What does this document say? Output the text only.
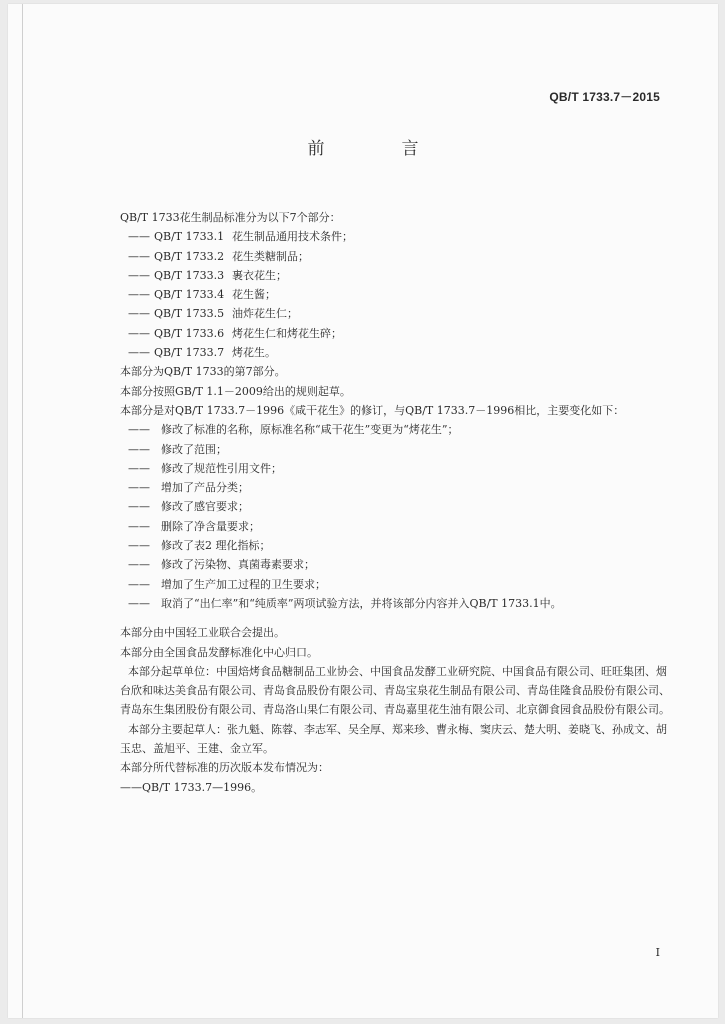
QB/T 1733.7－2015
前　言
QB/T 1733花生制品标准分为以下7个部分：
—— QB/T 1733.1 花生制品通用技术条件；
—— QB/T 1733.2 花生类糖制品；
—— QB/T 1733.3 裹衣花生；
—— QB/T 1733.4 花生酱；
—— QB/T 1733.5 油炸花生仁；
—— QB/T 1733.6 烤花生仁和烤花生碎；
—— QB/T 1733.7 烤花生。
本部分为QB/T 1733的第7部分。
本部分按照GB/T 1.1－2009给出的规则起草。
本部分是对QB/T 1733.7－1996《咸干花生》的修订，与QB/T 1733.7－1996相比，主要变化如下：
——　修改了标准的名称，原标准名称“咸干花生”变更为“烤花生”；
——　修改了范围；
——　修改了规范性引用文件；
——　增加了产品分类；
——　修改了感官要求；
——　删除了净含量要求；
——　修改了表2 理化指标；
——　修改了污染物、真菌毒素要求；
——　增加了生产加工过程的卫生要求；
——　取消了“出仁率”和“纯质率”两项试验方法，并将该部分内容并入QB/T 1733.1中。
本部分由中国轻工业联合会提出。
本部分由全国食品发酵标准化中心归口。
本部分起草单位：中国焙烤食品糖制品工业协会、中国食品发酵工业研究院、中国食品有限公司、旺旺集团、烟台欣和味达美食品有限公司、青岛食品股份有限公司、青岛宝泉花生制品有限公司、青岛佳隆食品股份有限公司、青岛东生集团股份有限公司、青岛洛山果仁有限公司、青岛嘉里花生油有限公司、北京御食园食品股份有限公司。
本部分主要起草人：张九魁、陈蓉、李志军、吴全厚、郑来珍、曹永梅、窦庆云、楚大明、姜晓飞、孙成文、胡玉忠、盖旭平、王建、金立军。
本部分所代替标准的历次版本发布情况为：
——QB/T 1733.7—1996。
I
